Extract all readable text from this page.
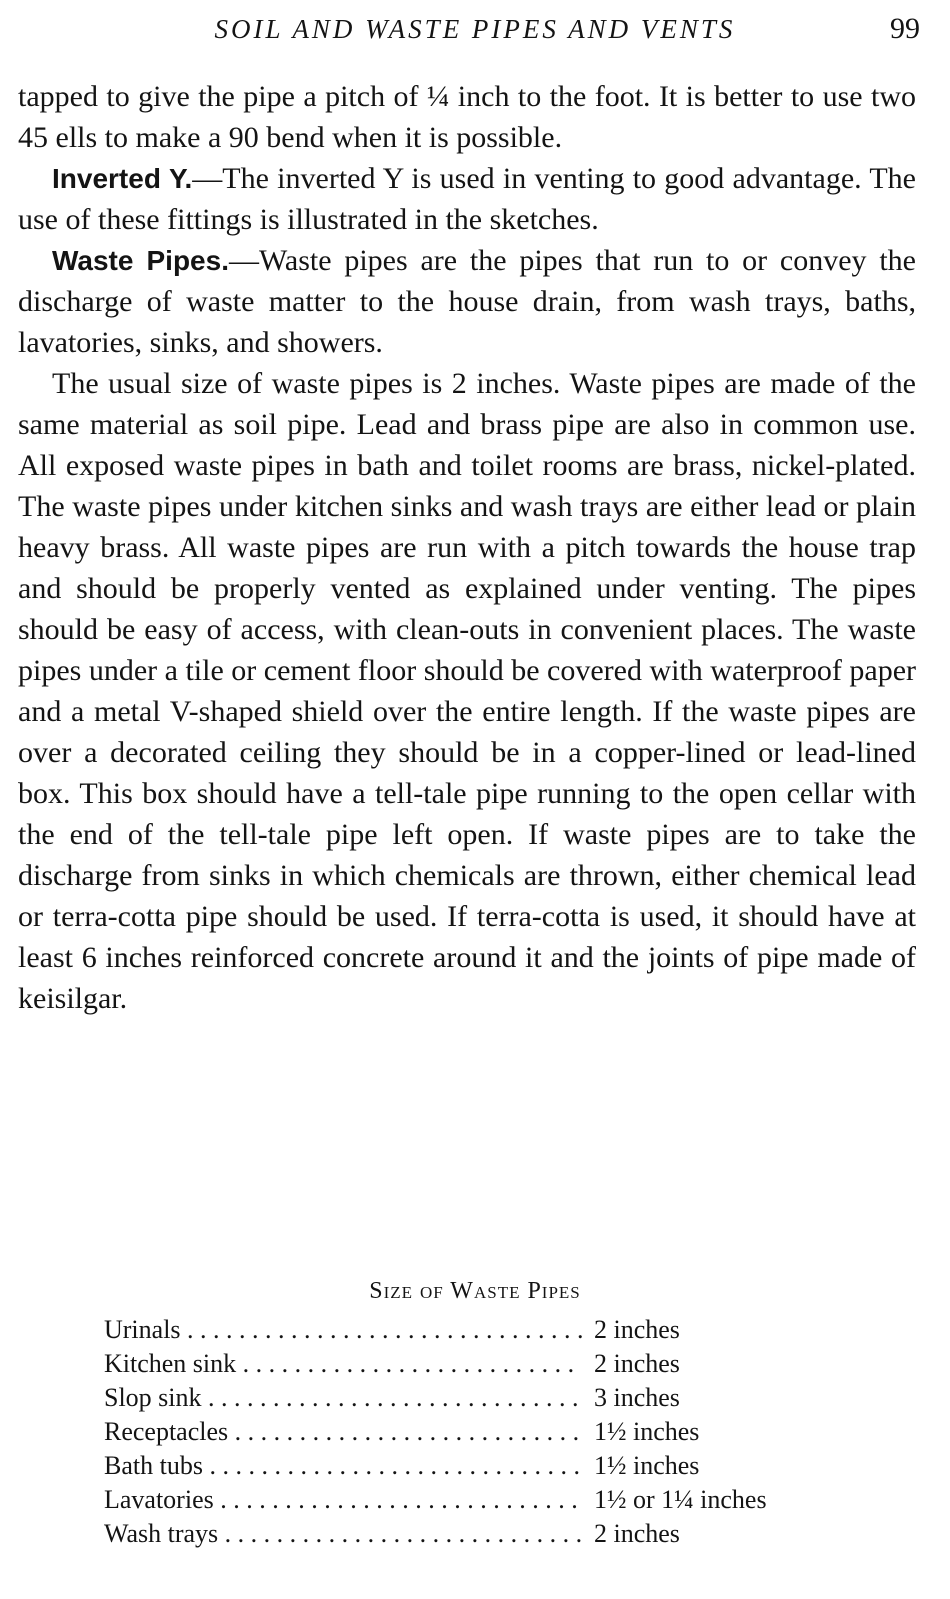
SOIL AND WASTE PIPES AND VENTS	99

tapped to give the pipe a pitch of ¼ inch to the foot. It is better to use two 45 ells to make a 90 bend when it is possible.

Inverted Y.—The inverted Y is used in venting to good advantage. The use of these fittings is illustrated in the sketches.

Waste Pipes.—Waste pipes are the pipes that run to or convey the discharge of waste matter to the house drain, from wash trays, baths, lavatories, sinks, and showers.

The usual size of waste pipes is 2 inches. Waste pipes are made of the same material as soil pipe. Lead and brass pipe are also in common use. All exposed waste pipes in bath and toilet rooms are brass, nickel-plated. The waste pipes under kitchen sinks and wash trays are either lead or plain heavy brass. All waste pipes are run with a pitch towards the house trap and should be properly vented as explained under venting. The pipes should be easy of access, with clean-outs in convenient places. The waste pipes under a tile or cement floor should be covered with waterproof paper and a metal V-shaped shield over the entire length. If the waste pipes are over a decorated ceiling they should be in a copper-lined or lead-lined box. This box should have a tell-tale pipe running to the open cellar with the end of the tell-tale pipe left open. If waste pipes are to take the discharge from sinks in which chemicals are thrown, either chemical lead or terra-cotta pipe should be used. If terra-cotta is used, it should have at least 6 inches reinforced concrete around it and the joints of pipe made of keisilgar.

Size of Waste Pipes
Urinals . . .	2 inches
Kitchen sink . . .	2 inches
Slop sink . . .	3 inches
Receptacles . . .	1½ inches
Bath tubs . . .	1½ inches
Lavatories . . .	1½ or 1¼ inches
Wash trays . . .	2 inches
